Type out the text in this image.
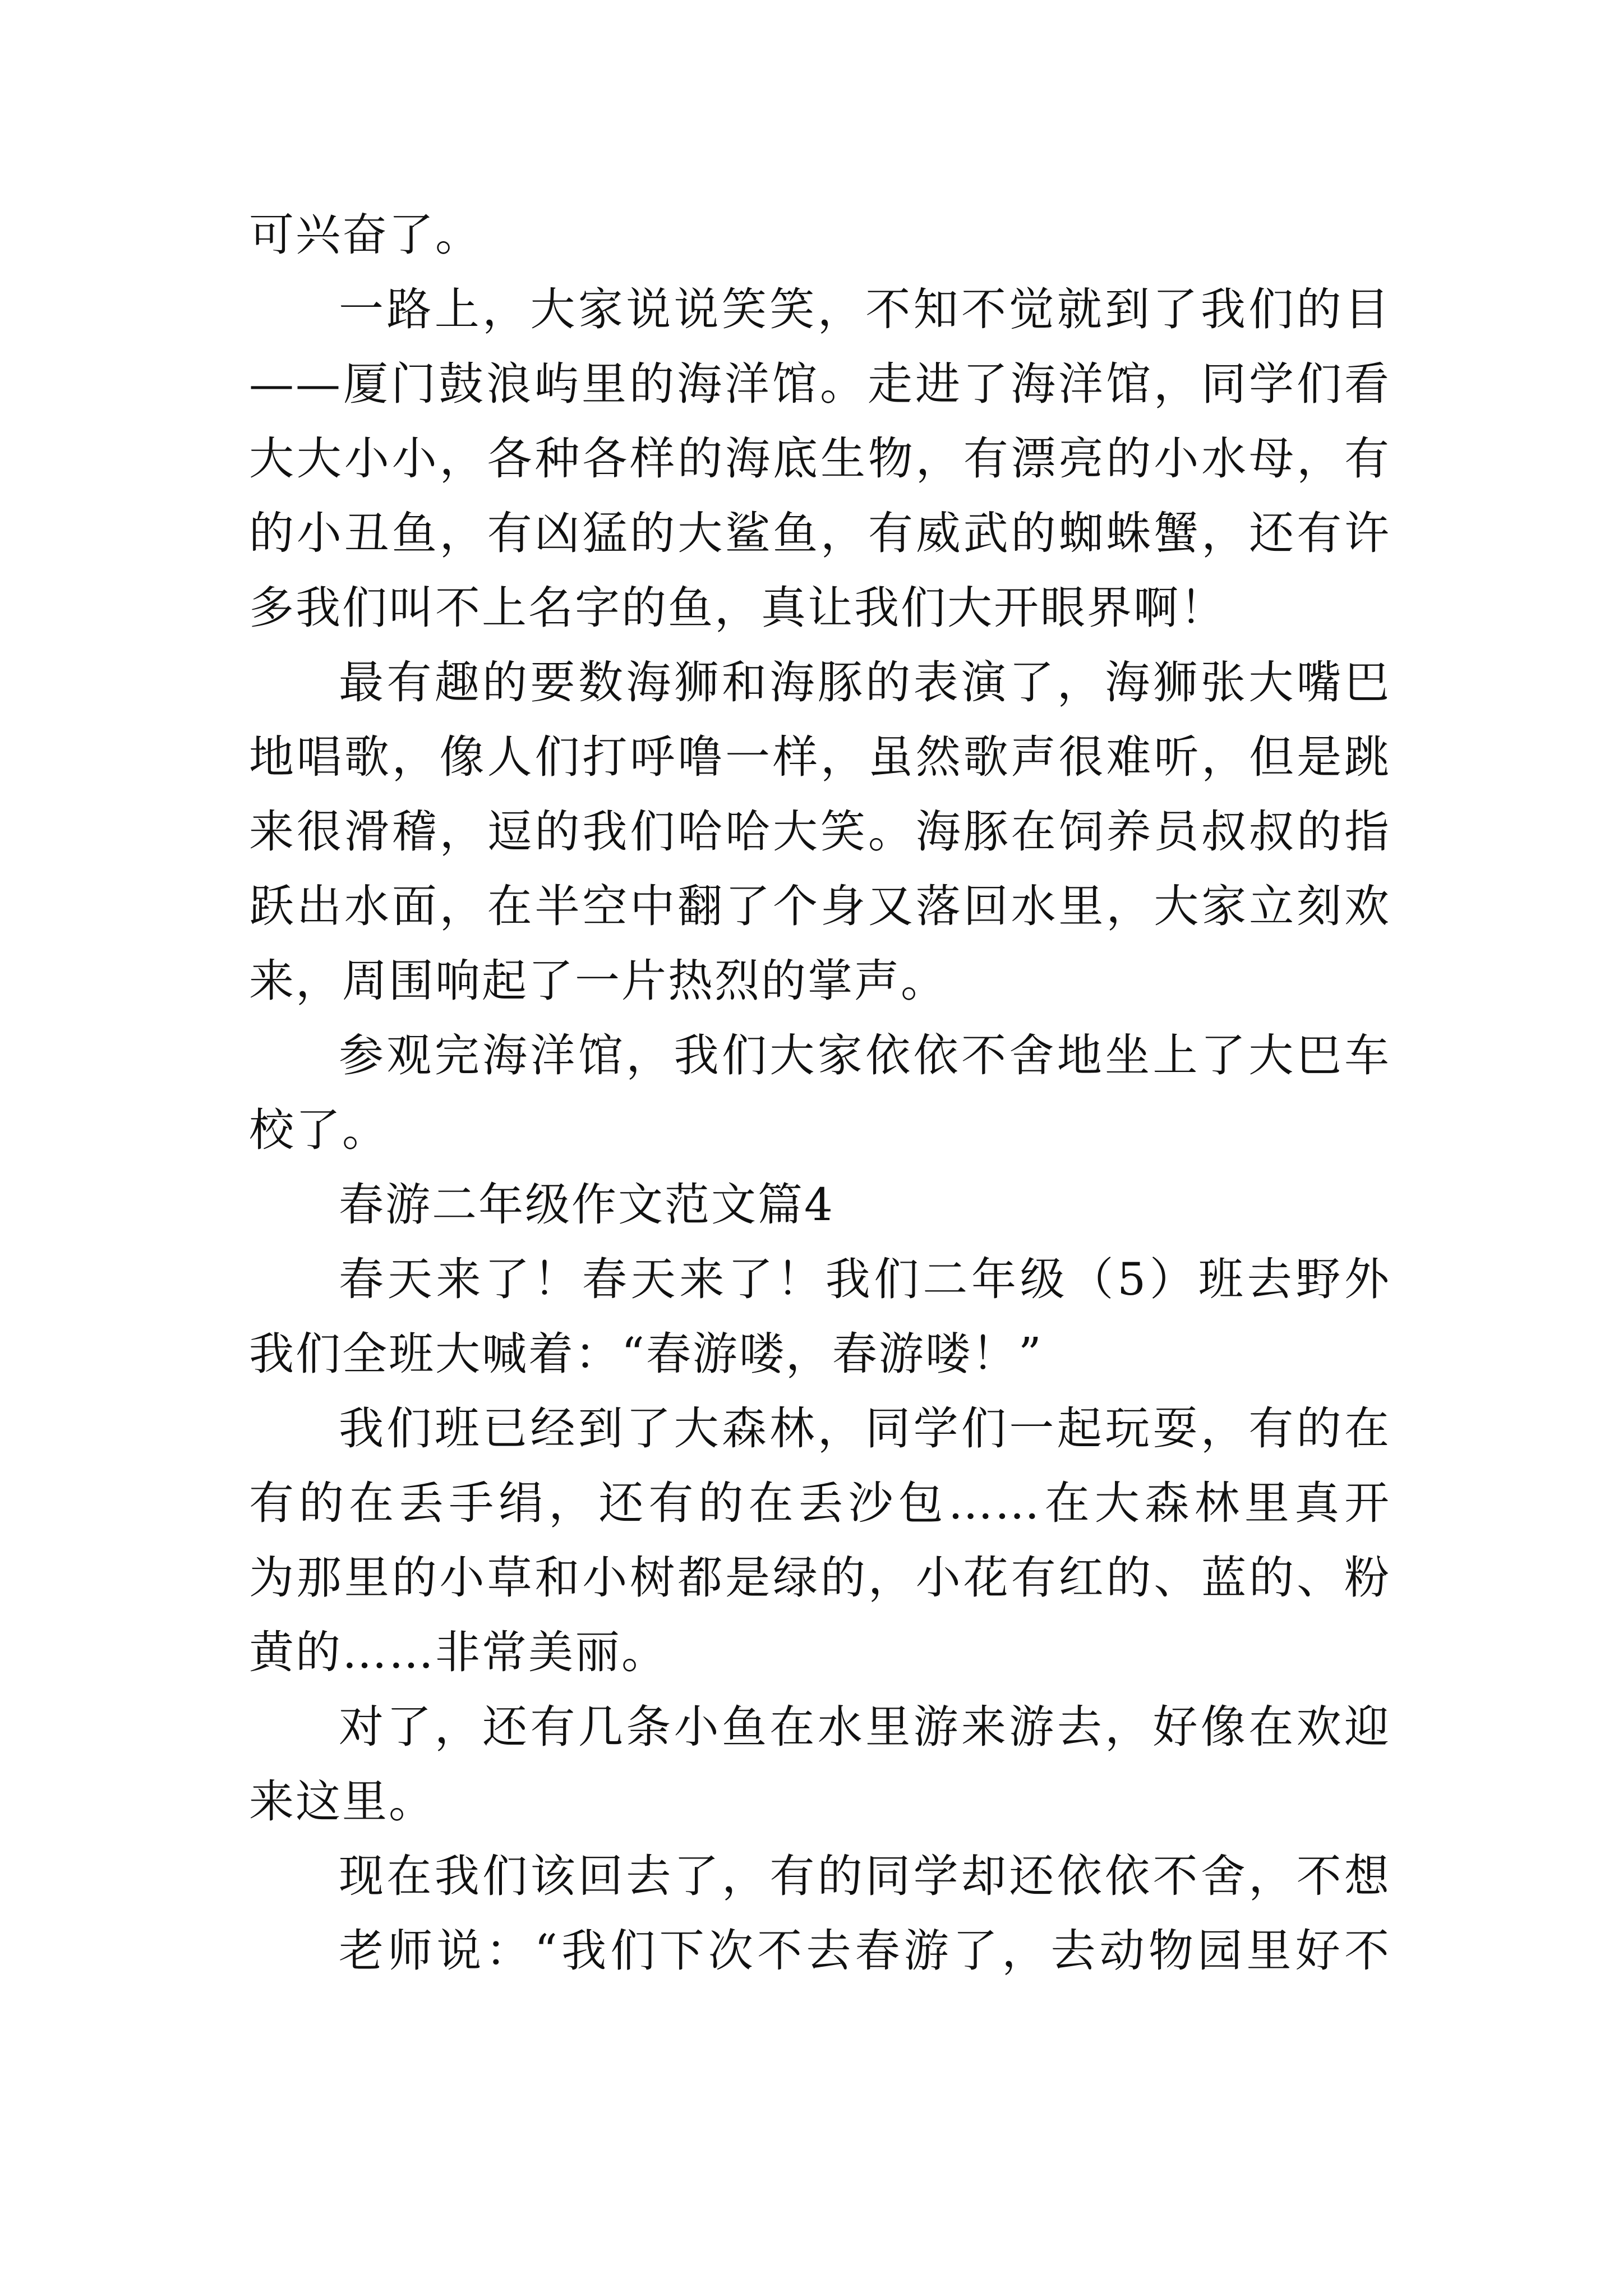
可兴奋了。
一路上，大家说说笑笑，不知不觉就到了我们的目
——厦门鼓浪屿里的海洋馆。走进了海洋馆，同学们看
大大小小，各种各样的海底生物，有漂亮的小水母，有
的小丑鱼，有凶猛的大鲨鱼，有威武的蜘蛛蟹，还有许
多我们叫不上名字的鱼，真让我们大开眼界啊！
最有趣的要数海狮和海豚的表演了，海狮张大嘴巴
地唱歌，像人们打呼噜一样，虽然歌声很难听，但是跳
来很滑稽，逗的我们哈哈大笑。海豚在饲养员叔叔的指
跃出水面，在半空中翻了个身又落回水里，大家立刻欢
来，周围响起了一片热烈的掌声。
参观完海洋馆，我们大家依依不舍地坐上了大巴车
校了。
春游二年级作文范文篇4
春天来了！春天来了！我们二年级（5）班去野外
我们全班大喊着：“春游喽，春游喽！”
我们班已经到了大森林，同学们一起玩耍，有的在
有的在丢手绢，还有的在丢沙包……在大森林里真开
为那里的小草和小树都是绿的，小花有红的、蓝的、粉
黄的……非常美丽。
对了，还有几条小鱼在水里游来游去，好像在欢迎
来这里。
现在我们该回去了，有的同学却还依依不舍，不想
老师说：“我们下次不去春游了，去动物园里好不
